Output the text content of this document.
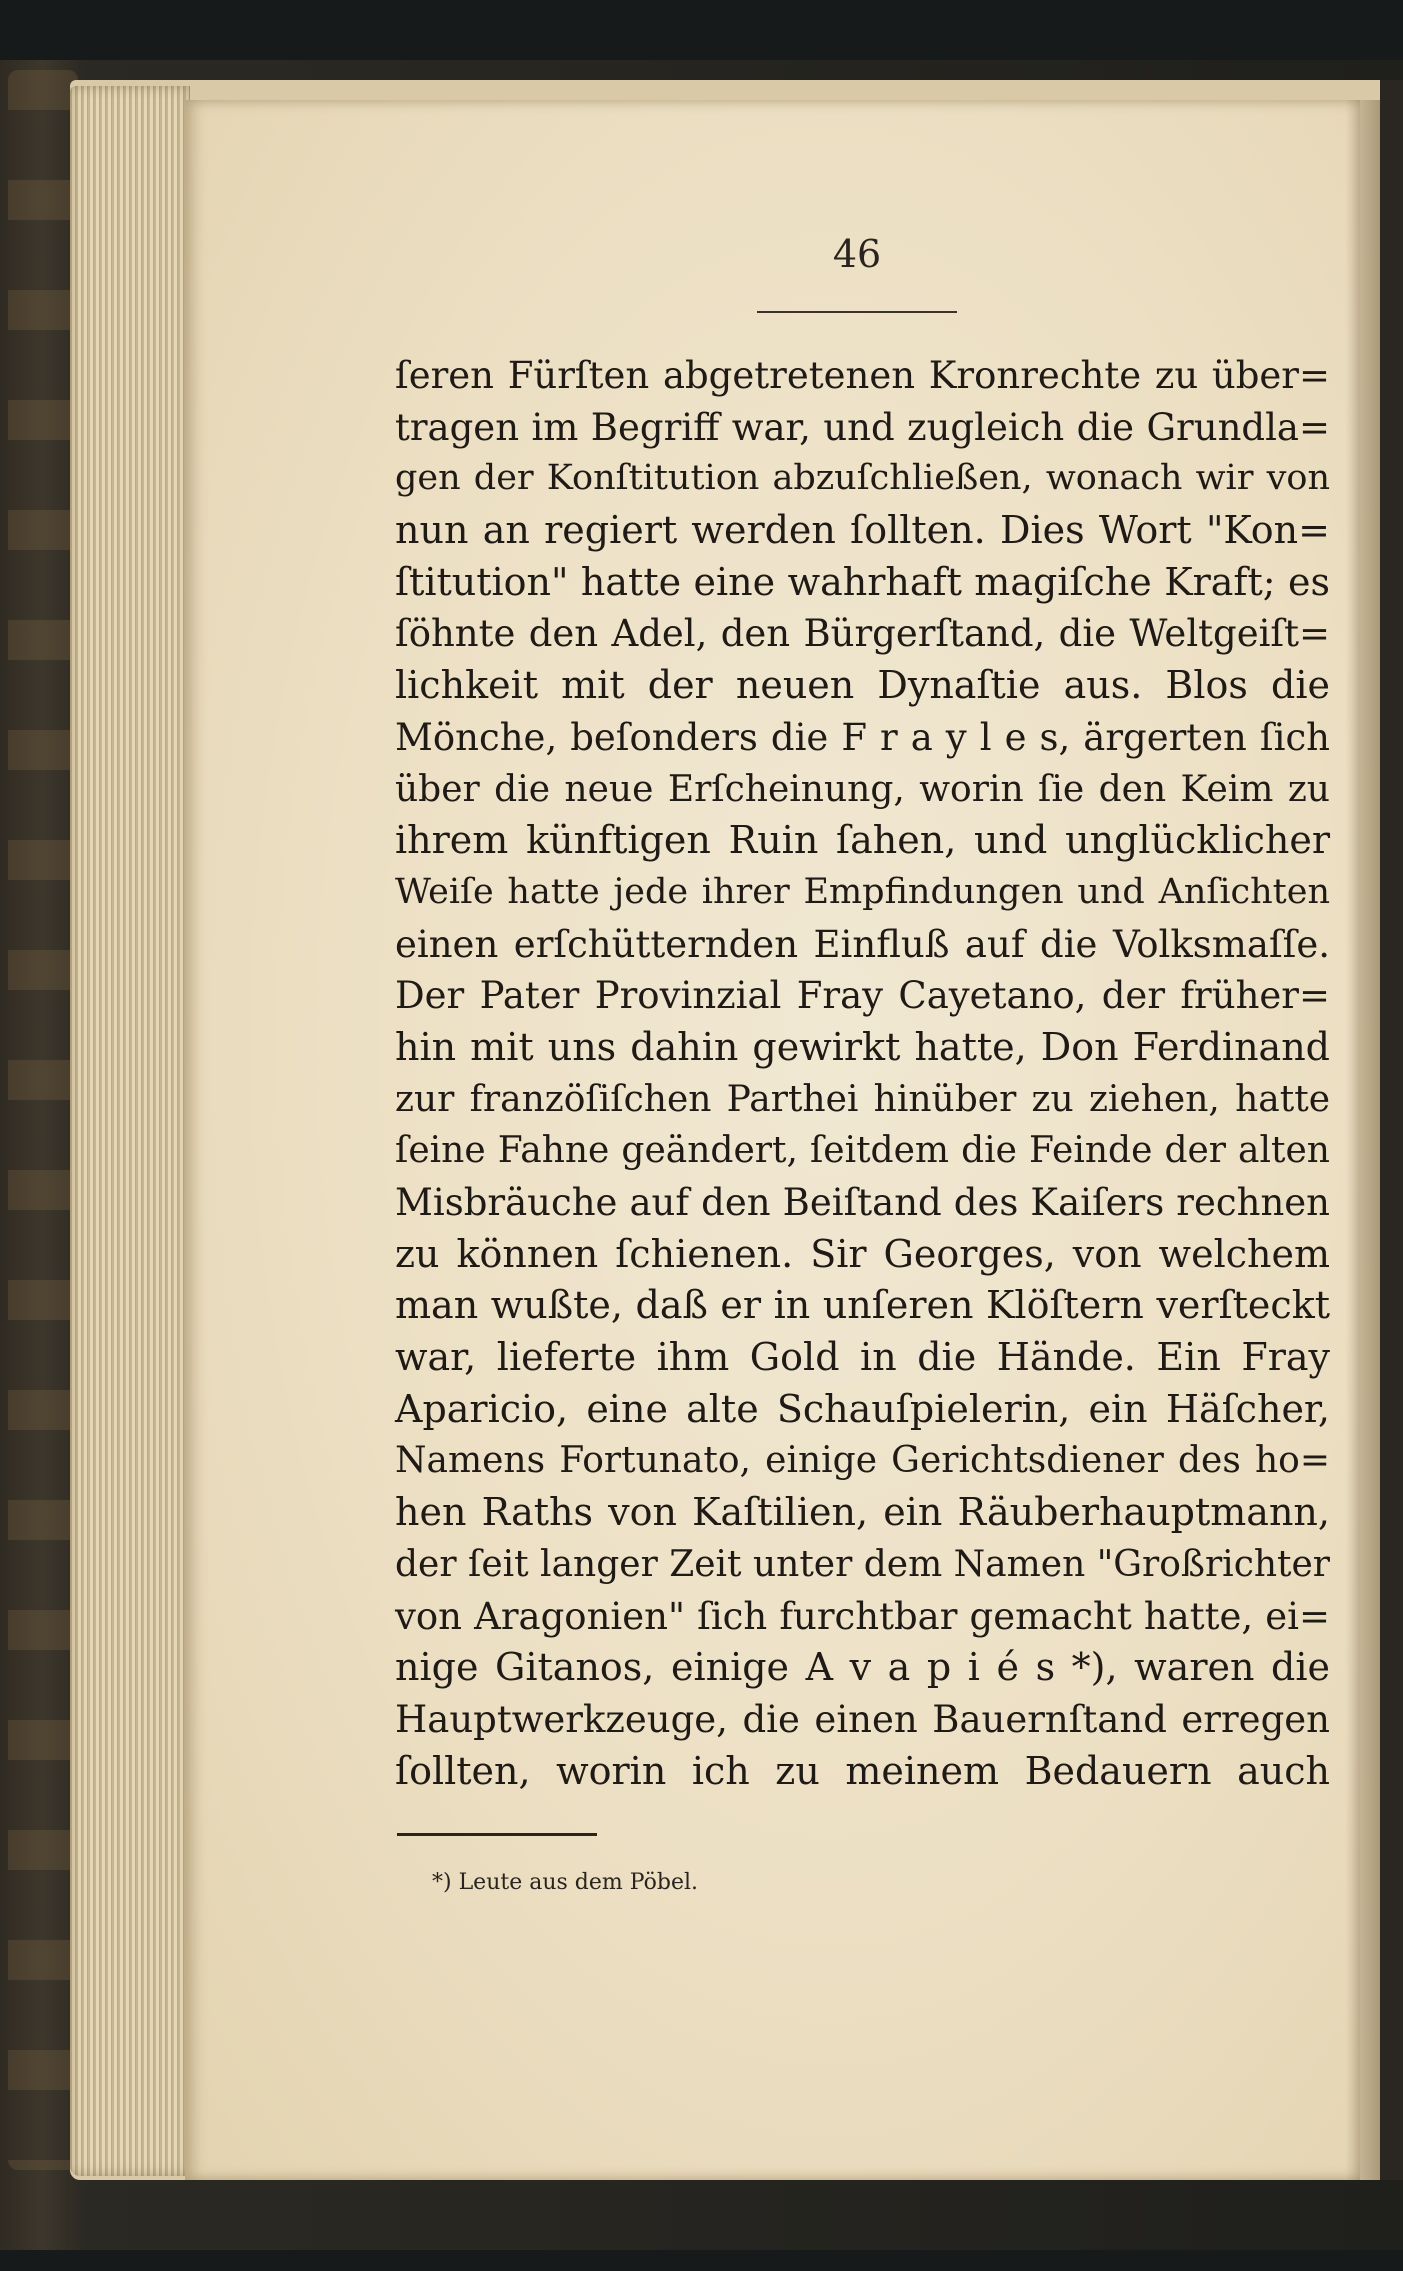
46
ſeren Fürſten abgetretenen Kronrechte zu über=
tragen im Begriff war, und zugleich die Grundla=
gen der Konſtitution abzuſchließen, wonach wir von
nun an regiert werden ſollten. Dies Wort "Kon=
ſtitution" hatte eine wahrhaft magiſche Kraft; es
ſöhnte den Adel, den Bürgerſtand, die Weltgeiſt=
lichkeit mit der neuen Dynaſtie aus. Blos die
Mönche, beſonders die F r a y l e s, ärgerten ſich
über die neue Erſcheinung, worin ſie den Keim zu
ihrem künftigen Ruin ſahen, und unglücklicher
Weiſe hatte jede ihrer Empfindungen und Anſichten
einen erſchütternden Einfluß auf die Volksmaſſe.
Der Pater Provinzial Fray Cayetano, der früher=
hin mit uns dahin gewirkt hatte, Don Ferdinand
zur franzöſiſchen Parthei hinüber zu ziehen, hatte
ſeine Fahne geändert, ſeitdem die Feinde der alten
Misbräuche auf den Beiſtand des Kaiſers rechnen
zu können ſchienen. Sir Georges, von welchem
man wußte, daß er in unſeren Klöſtern verſteckt
war, lieferte ihm Gold in die Hände. Ein Fray
Aparicio, eine alte Schauſpielerin, ein Häſcher,
Namens Fortunato, einige Gerichtsdiener des ho=
hen Raths von Kaſtilien, ein Räuberhauptmann,
der ſeit langer Zeit unter dem Namen "Großrichter
von Aragonien" ſich furchtbar gemacht hatte, ei=
nige Gitanos, einige A v a p i é s *), waren die
Hauptwerkzeuge, die einen Bauernſtand erregen
ſollten, worin ich zu meinem Bedauern auch
*) Leute aus dem Pöbel.
